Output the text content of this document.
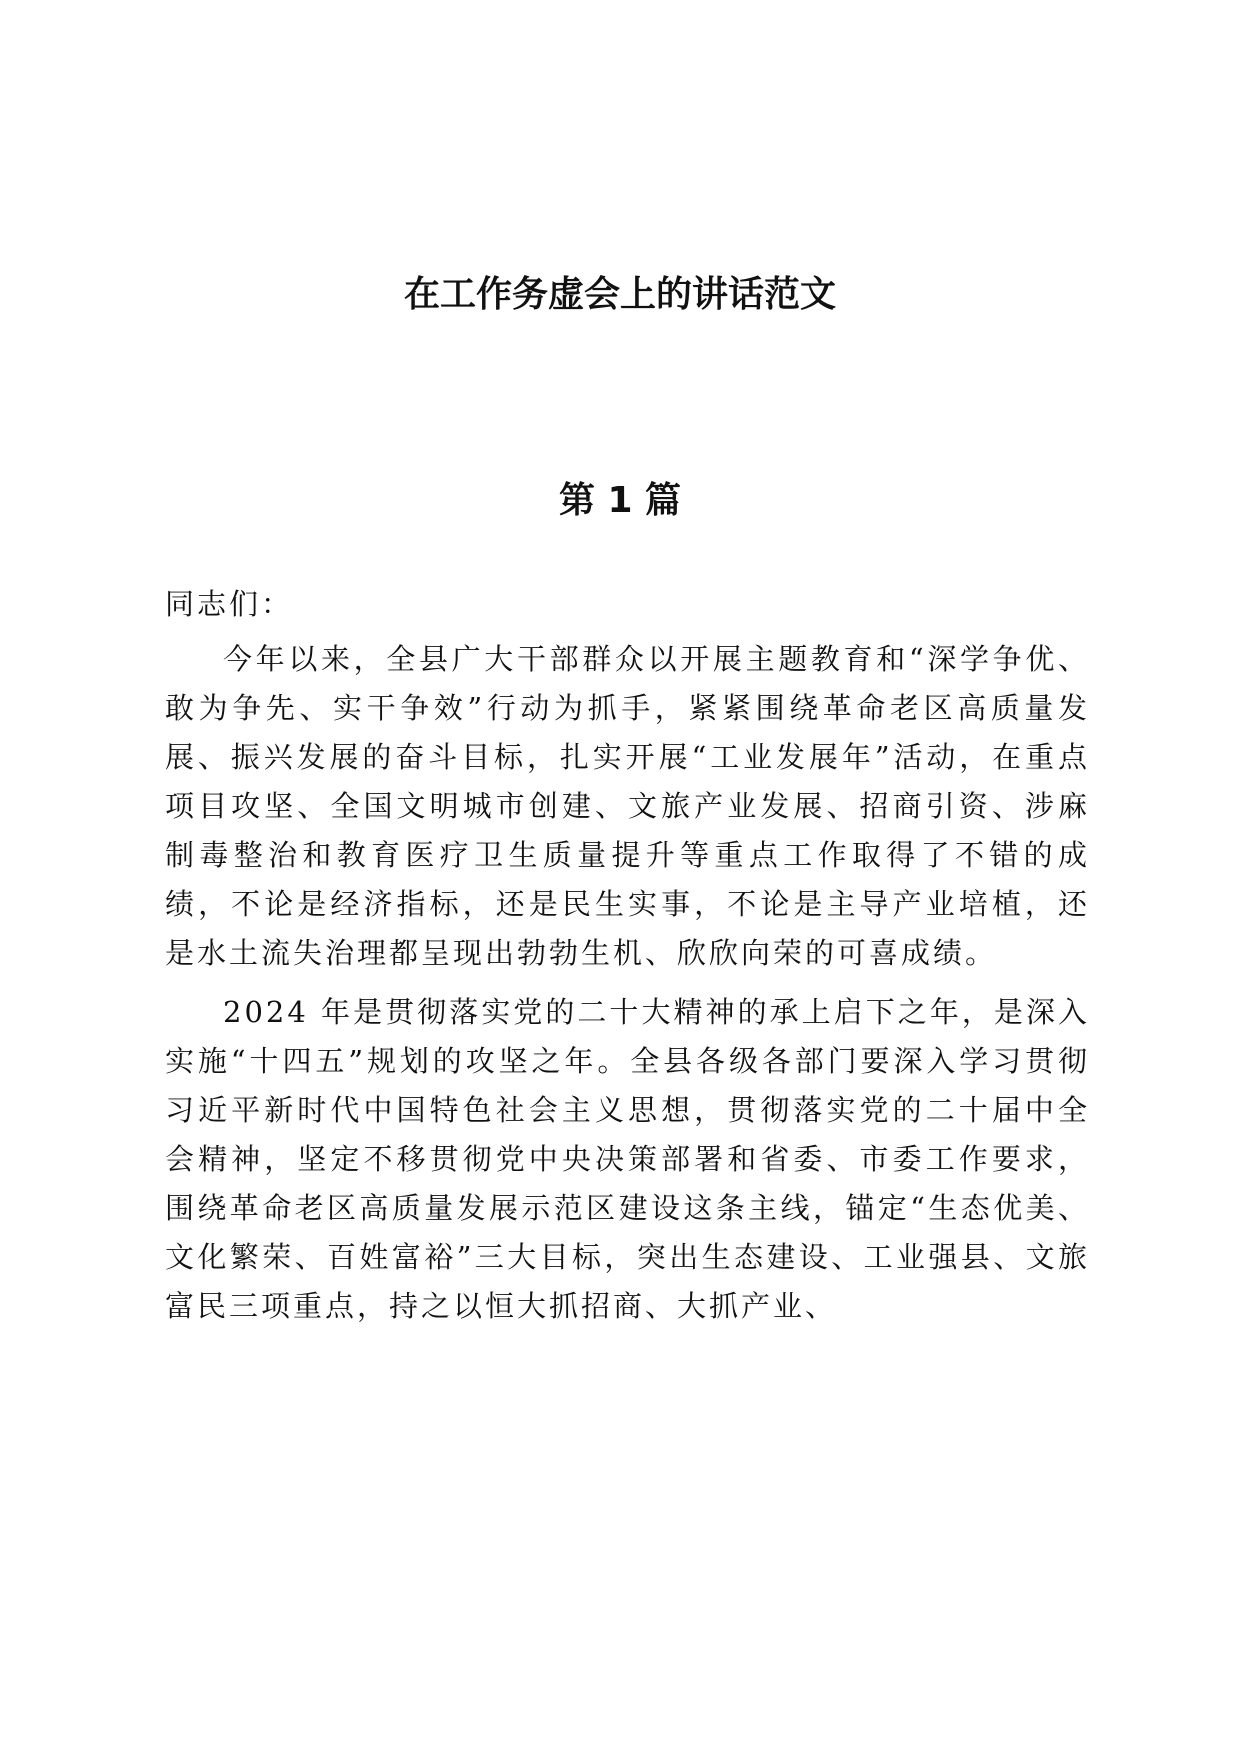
在工作务虚会上的讲话范文
第 1 篇

同志们：

今年以来，全县广大干部群众以开展主题教育和“深学争优、敢为争先、实干争效”行动为抓手，紧紧围绕革命老区高质量发展、振兴发展的奋斗目标，扎实开展“工业发展年”活动，在重点项目攻坚、全国文明城市创建、文旅产业发展、招商引资、涉麻制毒整治和教育医疗卫生质量提升等重点工作取得了不错的成绩，不论是经济指标，还是民生实事，不论是主导产业培植，还是水土流失治理都呈现出勃勃生机、欣欣向荣的可喜成绩。

2024 年是贯彻落实党的二十大精神的承上启下之年，是深入实施“十四五”规划的攻坚之年。全县各级各部门要深入学习贯彻习近平新时代中国特色社会主义思想，贯彻落实党的二十届中全会精神，坚定不移贯彻党中央决策部署和省委、市委工作要求，围绕革命老区高质量发展示范区建设这条主线，锚定“生态优美、文化繁荣、百姓富裕”三大目标，突出生态建设、工业强县、文旅富民三项重点，持之以恒大抓招商、大抓产业、
